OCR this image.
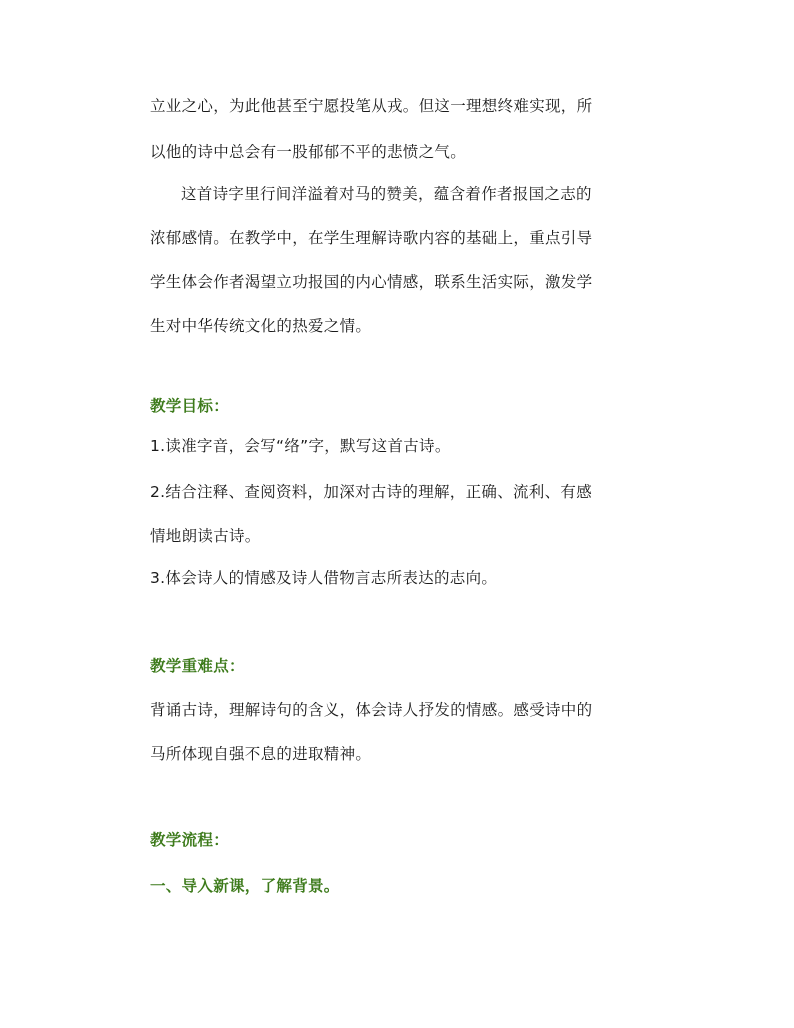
立业之心，为此他甚至宁愿投笔从戎。但这一理想终难实现，所
以他的诗中总会有一股郁郁不平的悲愤之气。
这首诗字里行间洋溢着对马的赞美，蕴含着作者报国之志的
浓郁感情。在教学中，在学生理解诗歌内容的基础上，重点引导
学生体会作者渴望立功报国的内心情感，联系生活实际，激发学
生对中华传统文化的热爱之情。
教学目标：
1.读准字音，会写“络”字，默写这首古诗。
2.结合注释、查阅资料，加深对古诗的理解，正确、流利、有感
情地朗读古诗。
3.体会诗人的情感及诗人借物言志所表达的志向。
教学重难点：
背诵古诗，理解诗句的含义，体会诗人抒发的情感。感受诗中的
马所体现自强不息的进取精神。
教学流程：
一、导入新课，了解背景。
